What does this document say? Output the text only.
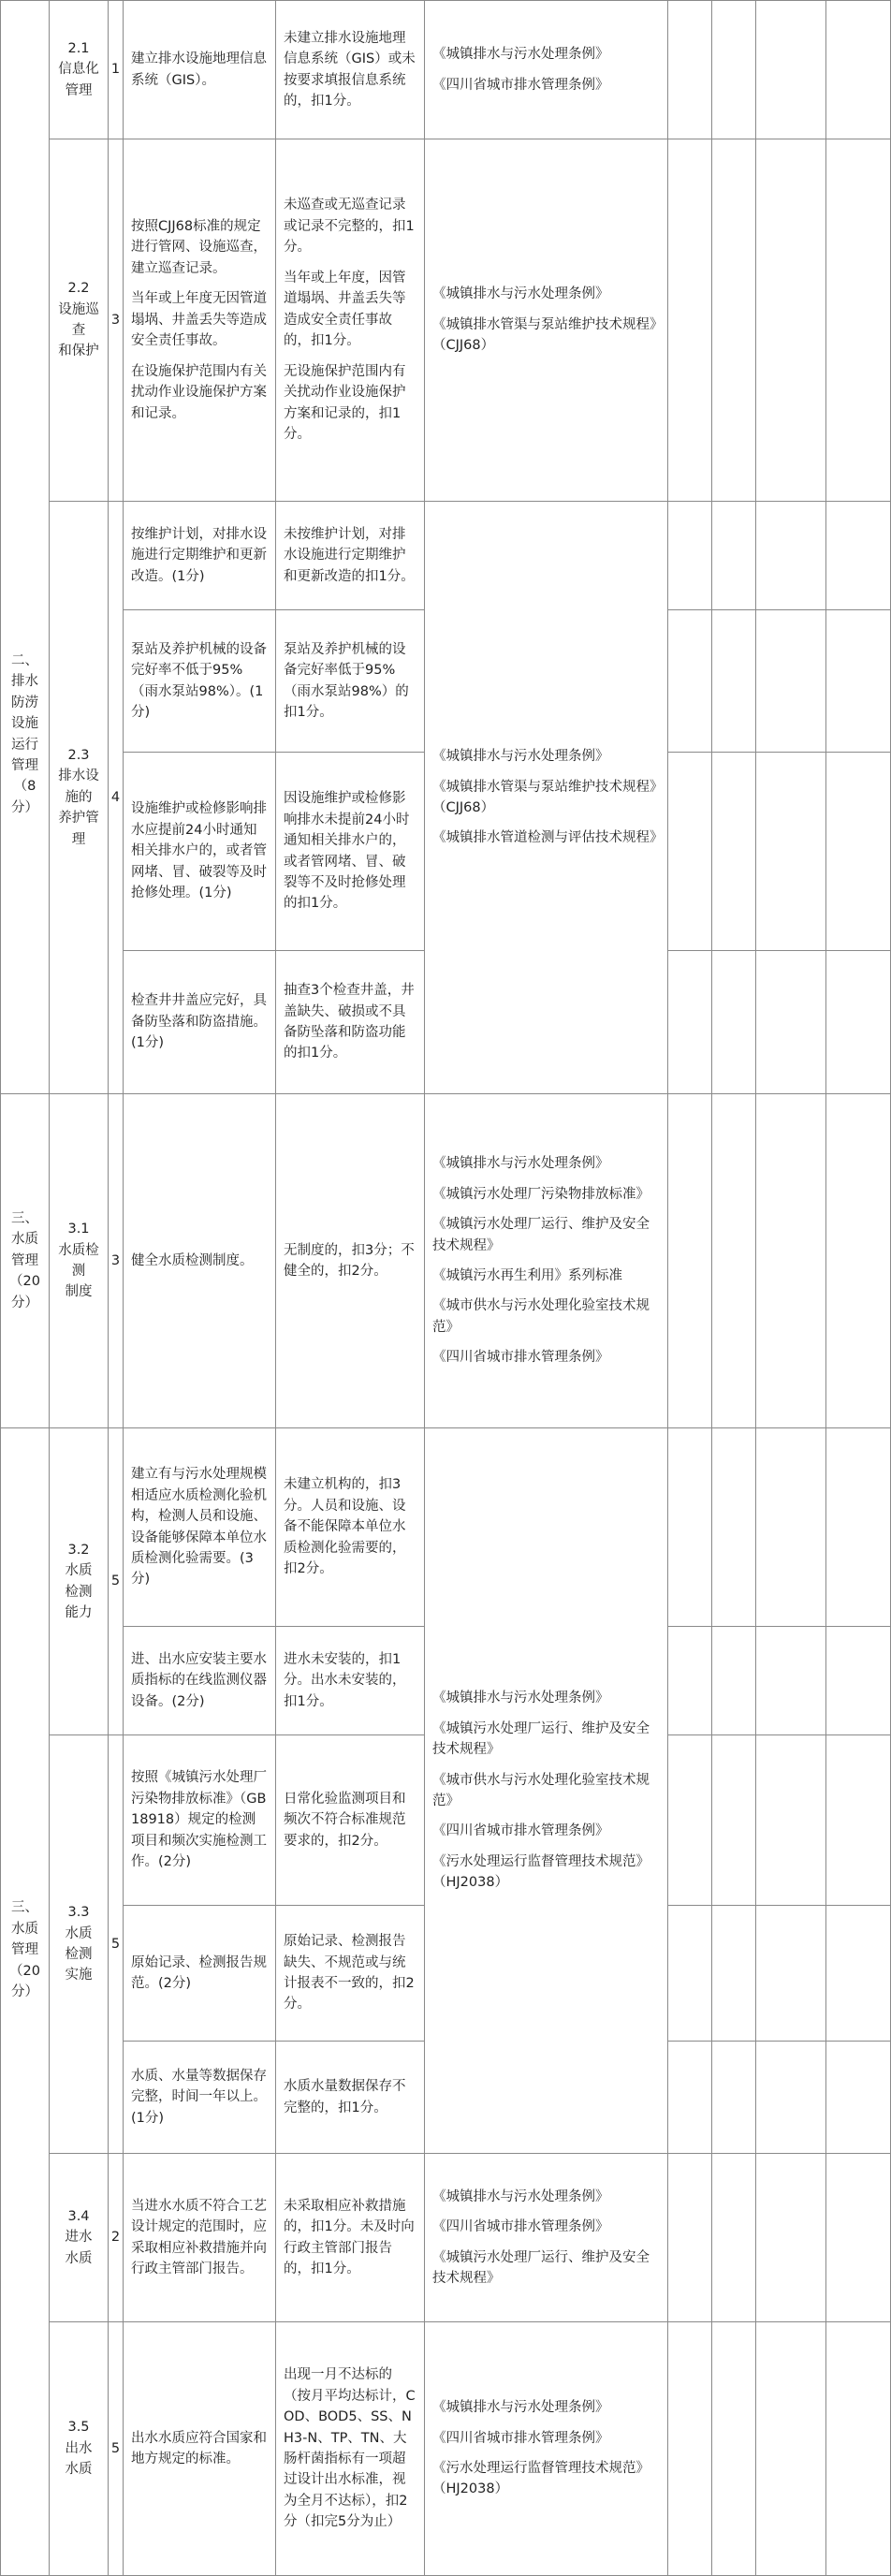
二、
排水
防涝
设施
运行
管理
（8
分）

三、
水质
管理
（20
分）

三、
水质
管理
（20
分）

2.1
信息化
管理

1

建立排水设施地理信息系统（GIS）。

未建立排水设施地理信息系统（GIS）或未按要求填报信息系统的，扣1分。

《城镇排水与污水处理条例》

《四川省城市排水管理条例》

2.2
设施巡
查
和保护

3

按照CJJ68标准的规定进行管网、设施巡查，建立巡查记录。

当年或上年度无因管道塌埚、井盖丢失等造成安全责任事故。

在设施保护范围内有关扰动作业设施保护方案和记录。

未巡查或无巡查记录或记录不完整的，扣1分。

当年或上年度，因管道塌埚、井盖丢失等造成安全责任事故的，扣1分。

无设施保护范围内有关扰动作业设施保护方案和记录的，扣1分。

《城镇排水与污水处理条例》

《城镇排水管渠与泵站维护技术规程》（CJJ68）

2.3
排水设
施的
养护管
理

4

按维护计划，对排水设施进行定期维护和更新改造。(1分)

泵站及养护机械的设备完好率不低于95%（雨水泵站98%）。(1分)

设施维护或检修影响排水应提前24小时通知相关排水户的，或者管网堵、冒、破裂等及时抢修处理。(1分)

检查井井盖应完好，具备防坠落和防盗措施。(1分)

未按维护计划，对排水设施进行定期维护和更新改造的扣1分。

泵站及养护机械的设备完好率低于95%（雨水泵站98%）的扣1分。

因设施维护或检修影响排水未提前24小时通知相关排水户的，或者管网堵、冒、破裂等不及时抢修处理的扣1分。

抽查3个检查井盖，井盖缺失、破损或不具备防坠落和防盗功能的扣1分。

《城镇排水与污水处理条例》

《城镇排水管渠与泵站维护技术规程》（CJJ68）

《城镇排水管道检测与评估技术规程》

3.1
水质检
测
制度

3 健全水质检测制度。

无制度的，扣3分；不健全的，扣2分。

《城镇排水与污水处理条例》

《城镇污水处理厂污染物排放标准》

《城镇污水处理厂运行、维护及安全技术规程》

《城镇污水再生利用》系列标准

《城市供水与污水处理化验室技术规范》

《四川省城市排水管理条例》

3.2
水质
检测
能力

5

建立有与污水处理规模相适应水质检测化验机构，检测人员和设施、设备能够保障本单位水质检测化验需要。(3分)

进、出水应安装主要水质指标的在线监测仪器设备。(2分)

未建立机构的，扣3分。人员和设施、设备不能保障本单位水质检测化验需要的，扣2分。

进水未安装的，扣1分。出水未安装的，扣1分。	《城镇排水与污水处理条例》

《城镇污水处理厂运行、维护及安全技术规程》

《城市供水与污水处理化验室技术规范》

《四川省城市排水管理条例》

《污水处理运行监督管理技术规范》（HJ2038）

3.3
水质
检测
实施

5

按照《城镇污水处理厂污染物排放标准》（GB18918）规定的检测项目和频次实施检测工作。(2分)

原始记录、检测报告规范。(2分)

水质、水量等数据保存完整，时间一年以上。(1分)

日常化验监测项目和频次不符合标准规范要求的，扣2分。

原始记录、检测报告缺失、不规范或与统计报表不一致的，扣2分。

水质水量数据保存不完整的，扣1分。

3.4
进水
水质

2

当进水水质不符合工艺设计规定的范围时，应采取相应补救措施并向行政主管部门报告。

未采取相应补救措施的，扣1分。未及时向行政主管部门报告的，扣1分。

《城镇排水与污水处理条例》

《四川省城市排水管理条例》

《城镇污水处理厂运行、维护及安全技术规程》

3.5
出水
水质

5

出水水质应符合国家和地方规定的标准。

出现一月不达标的（按月平均达标计，COD、BOD5、SS、NH3-N、TP、TN、大肠杆菌指标有一项超过设计出水标准，视为全月不达标），扣2分（扣完5分为止）

《城镇排水与污水处理条例》

《四川省城市排水管理条例》

《污水处理运行监督管理技术规范》（HJ2038）
